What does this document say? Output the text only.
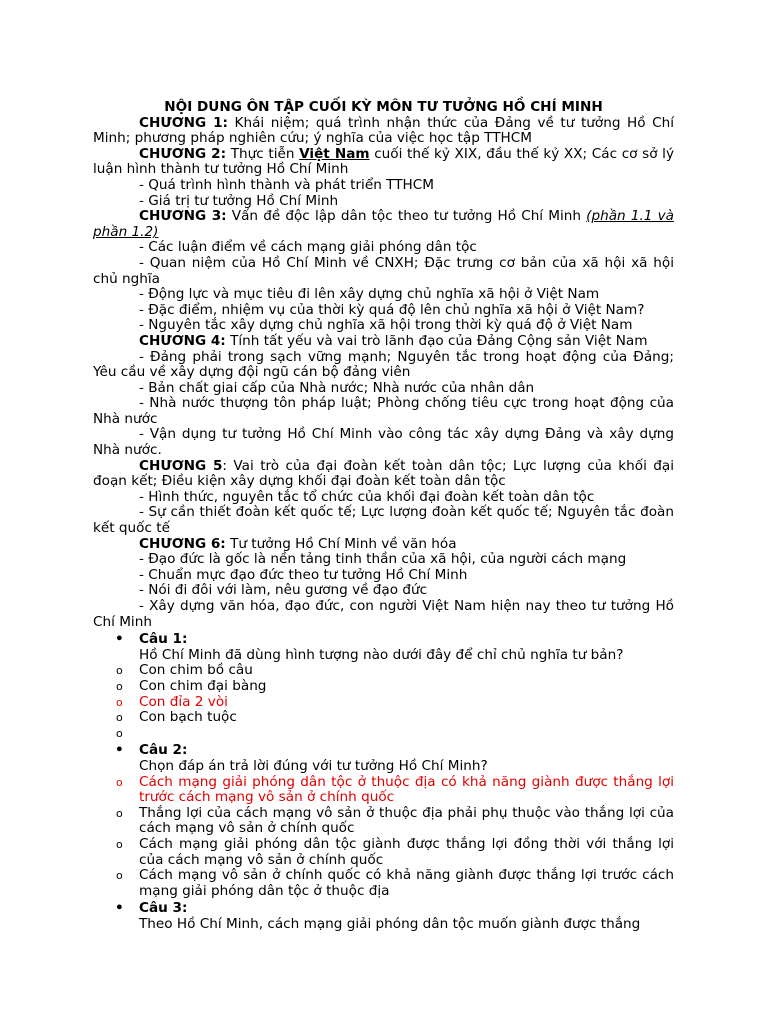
NỘI DUNG ÔN TẬP CUỐI KỲ MÔN TƯ TƯỞNG HỒ CHÍ MINH
CHƯƠNG 1: Khái niệm; quá trình nhận thức của Đảng về tư tưởng Hồ Chí Minh; phương pháp nghiên cứu; ý nghĩa của việc học tập TTHCM
CHƯƠNG 2: Thực tiễn Việt Nam cuối thế kỷ XIX, đầu thế kỷ XX; Các cơ sở lý luận hình thành tư tưởng Hồ Chí Minh
- Quá trình hình thành và phát triển TTHCM
- Giá trị tư tưởng Hồ Chí Minh
CHƯƠNG 3: Vấn đề độc lập dân tộc theo tư tưởng Hồ Chí Minh (phần 1.1 và phần 1.2)
- Các luận điểm về cách mạng giải phóng dân tộc
- Quan niệm của Hồ Chí Minh về CNXH; Đặc trưng cơ bản của xã hội xã hội chủ nghĩa
- Động lực và mục tiêu đi lên xây dựng chủ nghĩa xã hội ở Việt Nam
- Đặc điểm, nhiệm vụ của thời kỳ quá độ lên chủ nghĩa xã hội ở Việt Nam?
- Nguyên tắc xây dựng chủ nghĩa xã hội trong thời kỳ quá độ ở Việt Nam
CHƯƠNG 4: Tính tất yếu và vai trò lãnh đạo của Đảng Cộng sản Việt Nam
- Đảng phải trong sạch vững mạnh; Nguyên tắc trong hoạt động của Đảng; Yêu cầu về xây dựng đội ngũ cán bộ đảng viên
- Bản chất giai cấp của Nhà nước; Nhà nước của nhân dân
- Nhà nước thượng tôn pháp luật; Phòng chống tiêu cực trong hoạt động của Nhà nước
- Vận dụng tư tưởng Hồ Chí Minh vào công tác xây dựng Đảng và xây dựng Nhà nước.
CHƯƠNG 5: Vai trò của đại đoàn kết toàn dân tộc; Lực lượng của khối đại đoạn kết; Điều kiện xây dựng khối đại đoàn kết toàn dân tộc
- Hình thức, nguyên tắc tổ chức của khối đại đoàn kết toàn dân tộc
- Sự cần thiết đoàn kết quốc tế; Lực lượng đoàn kết quốc tế; Nguyên tắc đoàn kết quốc tế
CHƯƠNG 6: Tư tưởng Hồ Chí Minh về văn hóa
- Đạo đức là gốc là nền tảng tinh thần của xã hội, của người cách mạng
- Chuẩn mực đạo đức theo tư tưởng Hồ Chí Minh
- Nói đi đôi với làm, nêu gương về đạo đức
- Xây dựng văn hóa, đạo đức, con người Việt Nam hiện nay theo tư tưởng Hồ Chí Minh
• Câu 1:
Hồ Chí Minh đã dùng hình tượng nào dưới đây để chỉ chủ nghĩa tư bản?
o Con chim bồ câu
o Con chim đại bàng
o Con đỉa 2 vòi
o Con bạch tuộc
o

• Câu 2:
Chọn đáp án trả lời đúng với tư tưởng Hồ Chí Minh?
o Cách mạng giải phóng dân tộc ở thuộc địa có khả năng giành được thắng lợi trước cách mạng vô sản ở chính quốc
o Thắng lợi của cách mạng vô sản ở thuộc địa phải phụ thuộc vào thắng lợi của cách mạng vô sản ở chính quốc
o Cách mạng giải phóng dân tộc giành được thắng lợi đồng thời với thắng lợi của cách mạng vô sản ở chính quốc
o Cách mạng vô sản ở chính quốc có khả năng giành được thắng lợi trước cách mạng giải phóng dân tộc ở thuộc địa
• Câu 3:
Theo Hồ Chí Minh, cách mạng giải phóng dân tộc muốn giành được thắng
